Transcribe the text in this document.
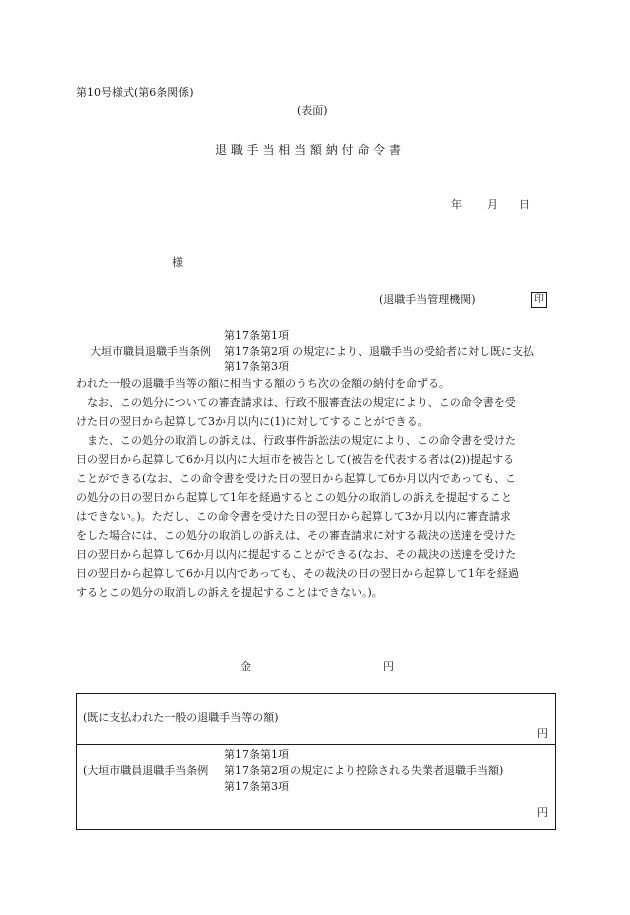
第10号様式(第6条関係)
(表面)
退 職 手 当 相 当 額 納 付 命 令 書
年 月 日
様
(退職手当管理機関)	印
第17条第1項
大垣市職員退職手当条例 第17条第2項 の規定により、退職手当の受給者に対し既に支払
第17条第3項
われた一般の退職手当等の額に相当する額のうち次の金額の納付を命ずる。
　なお、この処分についての審査請求は、行政不服審査法の規定により、この命令書を受
けた日の翌日から起算して3か月以内に(1)に対してすることができる。
　また、この処分の取消しの訴えは、行政事件訴訟法の規定により、この命令書を受けた
日の翌日から起算して6か月以内に大垣市を被告として(被告を代表する者は(2))提起する
ことができる(なお、この命令書を受けた日の翌日から起算して6か月以内であっても、こ
の処分の日の翌日から起算して1年を経過するとこの処分の取消しの訴えを提起すること
はできない。)。ただし、この命令書を受けた日の翌日から起算して3か月以内に審査請求
をした場合には、この処分の取消しの訴えは、その審査請求に対する裁決の送達を受けた
日の翌日から起算して6か月以内に提起することができる(なお、その裁決の送達を受けた
日の翌日から起算して6か月以内であっても、その裁決の日の翌日から起算して1年を経過
するとこの処分の取消しの訴えを提起することはできない。)。
金	円
(既に支払われた一般の退職手当等の額)
円
第17条第1項
(大垣市職員退職手当条例 第17条第2項 の規定により控除される失業者退職手当額)
第17条第3項
円
